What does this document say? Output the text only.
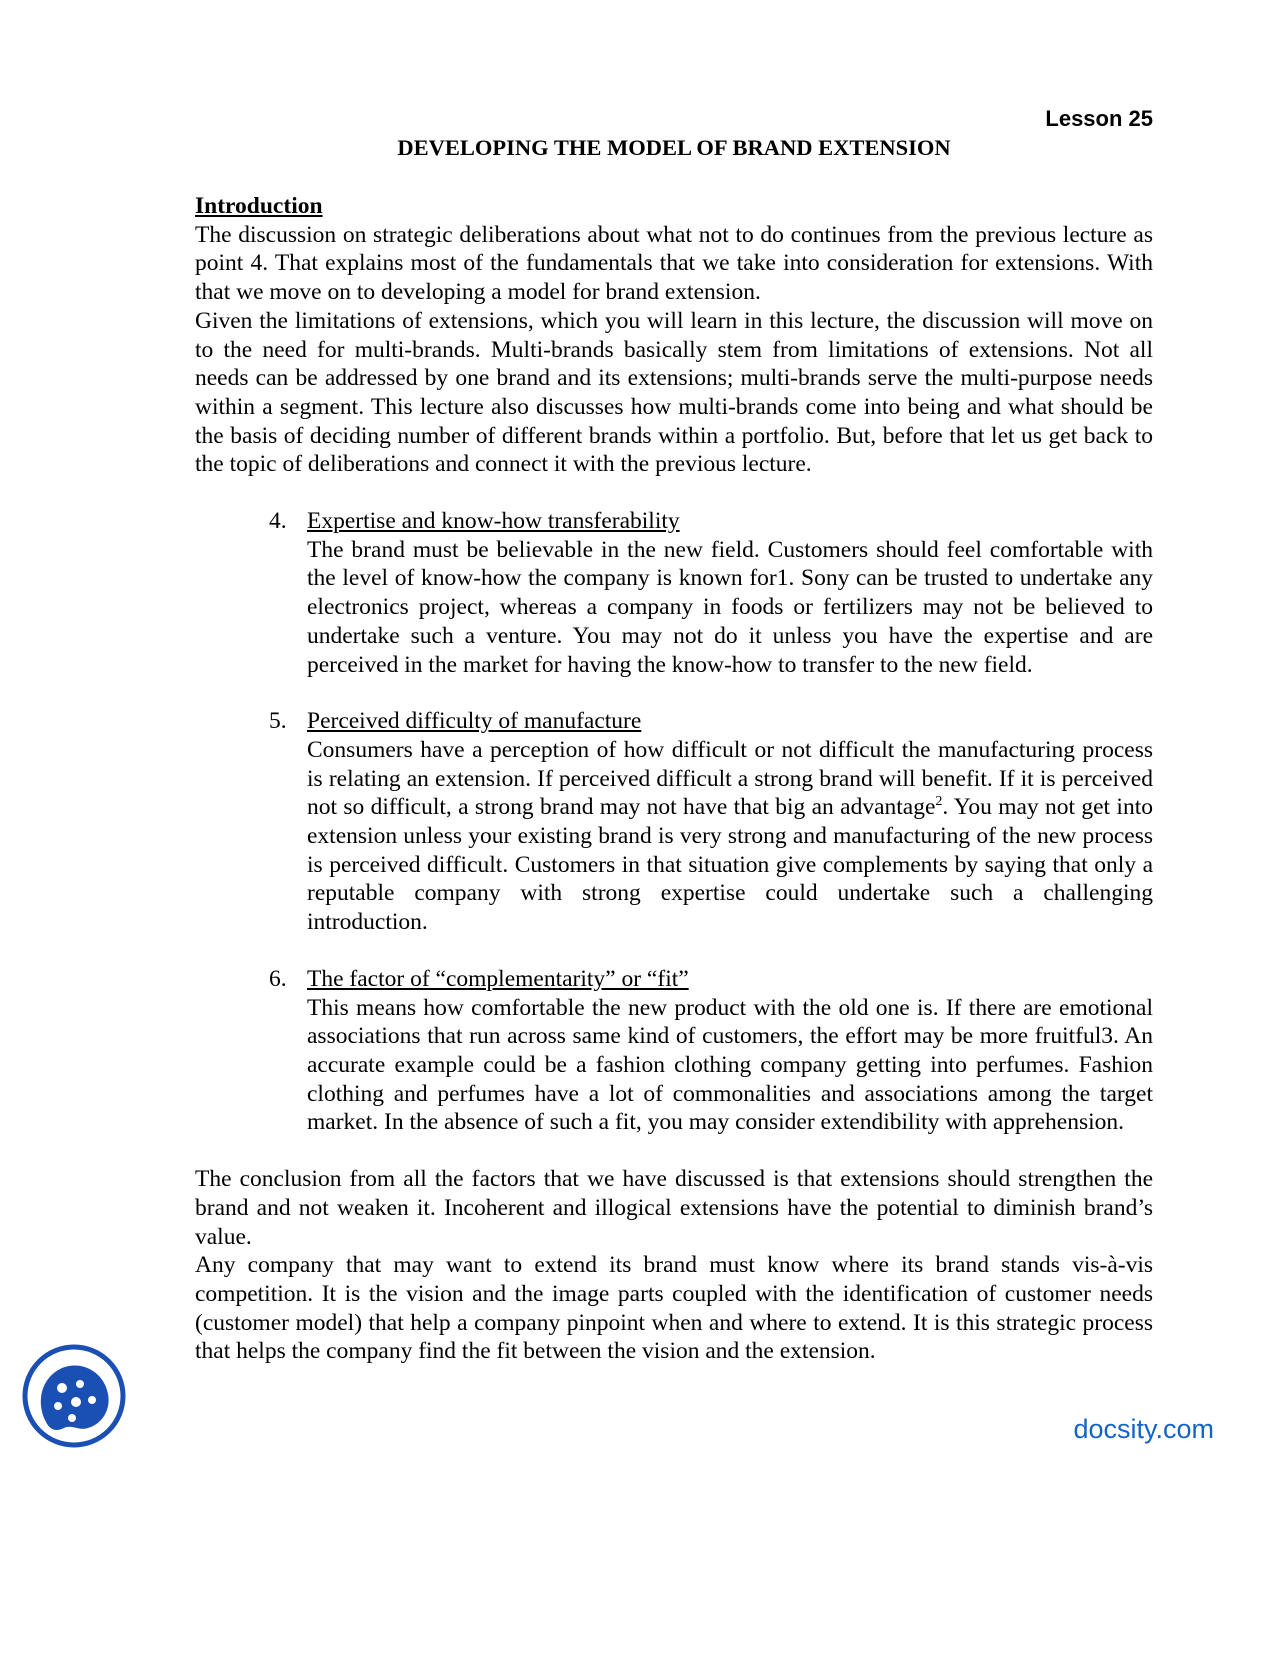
Lesson 25
DEVELOPING THE MODEL OF BRAND EXTENSION
Introduction

The discussion on strategic deliberations about what not to do continues from the previous lecture as point 4. That explains most of the fundamentals that we take into consideration for extensions. With that we move on to developing a model for brand extension.

Given the limitations of extensions, which you will learn in this lecture, the discussion will move on to the need for multi-brands. Multi-brands basically stem from limitations of extensions. Not all needs can be addressed by one brand and its extensions; multi-brands serve the multi-purpose needs within a segment. This lecture also discusses how multi-brands come into being and what should be the basis of deciding number of different brands within a portfolio. But, before that let us get back to the topic of deliberations and connect it with the previous lecture.

4. Expertise and know-how transferability
The brand must be believable in the new field. Customers should feel comfortable with the level of know-how the company is known for1. Sony can be trusted to undertake any electronics project, whereas a company in foods or fertilizers may not be believed to undertake such a venture. You may not do it unless you have the expertise and are perceived in the market for having the know-how to transfer to the new field.
5. Perceived difficulty of manufacture
Consumers have a perception of how difficult or not difficult the manufacturing process is relating an extension. If perceived difficult a strong brand will benefit. If it is perceived not so difficult, a strong brand may not have that big an advantage$^2$. You may not get into extension unless your existing brand is very strong and manufacturing of the new process is perceived difficult. Customers in that situation give complements by saying that only a reputable company with strong expertise could undertake such a challenging introduction.
6. The factor of “complementarity” or “fit”
This means how comfortable the new product with the old one is. If there are emotional associations that run across same kind of customers, the effort may be more fruitful3. An accurate example could be a fashion clothing company getting into perfumes. Fashion clothing and perfumes have a lot of commonalities and associations among the target market. In the absence of such a fit, you may consider extendibility with apprehension.

The conclusion from all the factors that we have discussed is that extensions should strengthen the brand and not weaken it. Incoherent and illogical extensions have the potential to diminish brand’s value.

Any company that may want to extend its brand must know where its brand stands vis-à-vis competition. It is the vision and the image parts coupled with the identification of customer needs (customer model) that help a company pinpoint when and where to extend. It is this strategic process that helps the company find the fit between the vision and the extension.

docsity.com
